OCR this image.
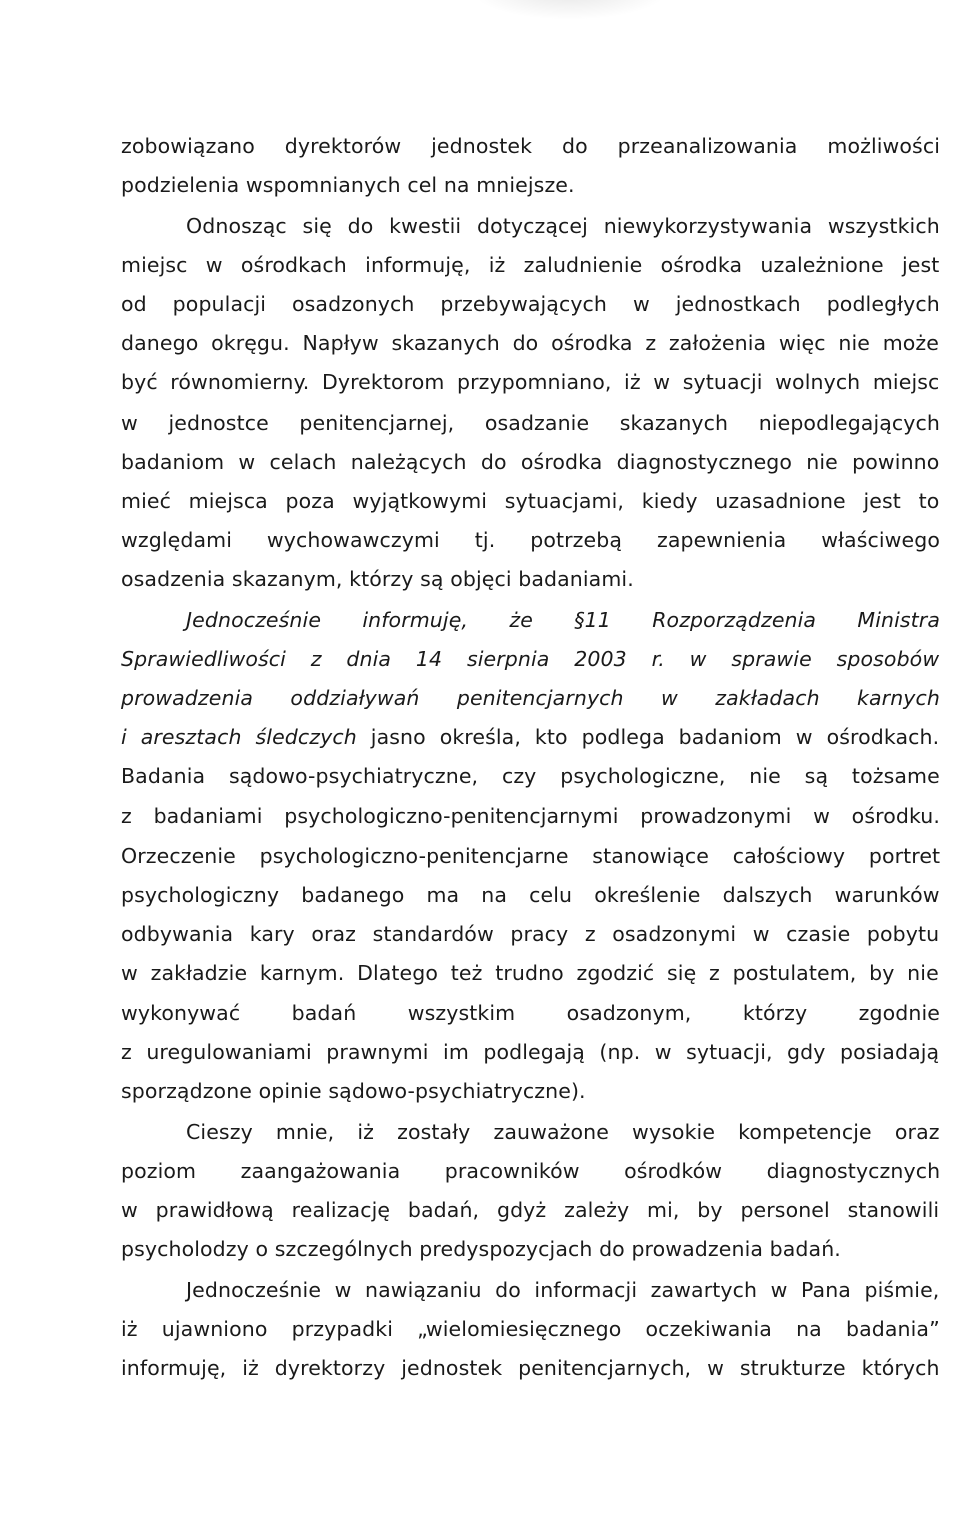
zobowiązano dyrektorów jednostek do przeanalizowania możliwości
podzielenia wspomnianych cel na mniejsze.
Odnosząc się do kwestii dotyczącej niewykorzystywania wszystkich
miejsc w ośrodkach informuję, iż zaludnienie ośrodka uzależnione jest
od populacji osadzonych przebywających w jednostkach podległych
danego okręgu. Napływ skazanych do ośrodka z założenia więc nie może
być równomierny. Dyrektorom przypomniano, iż w sytuacji wolnych miejsc
w jednostce penitencjarnej, osadzanie skazanych niepodlegających
badaniom w celach należących do ośrodka diagnostycznego nie powinno
mieć miejsca poza wyjątkowymi sytuacjami, kiedy uzasadnione jest to
względami wychowawczymi tj. potrzebą zapewnienia właściwego
osadzenia skazanym, którzy są objęci badaniami.
Jednocześnie informuję, że §11 Rozporządzenia Ministra
Sprawiedliwości z dnia 14 sierpnia 2003 r. w sprawie sposobów
prowadzenia oddziaływań penitencjarnych w zakładach karnych
i aresztach śledczych jasno określa, kto podlega badaniom w ośrodkach.
Badania sądowo-psychiatryczne, czy psychologiczne, nie są tożsame
z badaniami psychologiczno-penitencjarnymi prowadzonymi w ośrodku.
Orzeczenie psychologiczno-penitencjarne stanowiące całościowy portret
psychologiczny badanego ma na celu określenie dalszych warunków
odbywania kary oraz standardów pracy z osadzonymi w czasie pobytu
w zakładzie karnym. Dlatego też trudno zgodzić się z postulatem, by nie
wykonywać badań wszystkim osadzonym, którzy zgodnie
z uregulowaniami prawnymi im podlegają (np. w sytuacji, gdy posiadają
sporządzone opinie sądowo-psychiatryczne).
Cieszy mnie, iż zostały zauważone wysokie kompetencje oraz
poziom zaangażowania pracowników ośrodków diagnostycznych
w prawidłową realizację badań, gdyż zależy mi, by personel stanowili
psycholodzy o szczególnych predyspozycjach do prowadzenia badań.
Jednocześnie w nawiązaniu do informacji zawartych w Pana piśmie,
iż ujawniono przypadki „wielomiesięcznego oczekiwania na badania”
informuję, iż dyrektorzy jednostek penitencjarnych, w strukturze których
